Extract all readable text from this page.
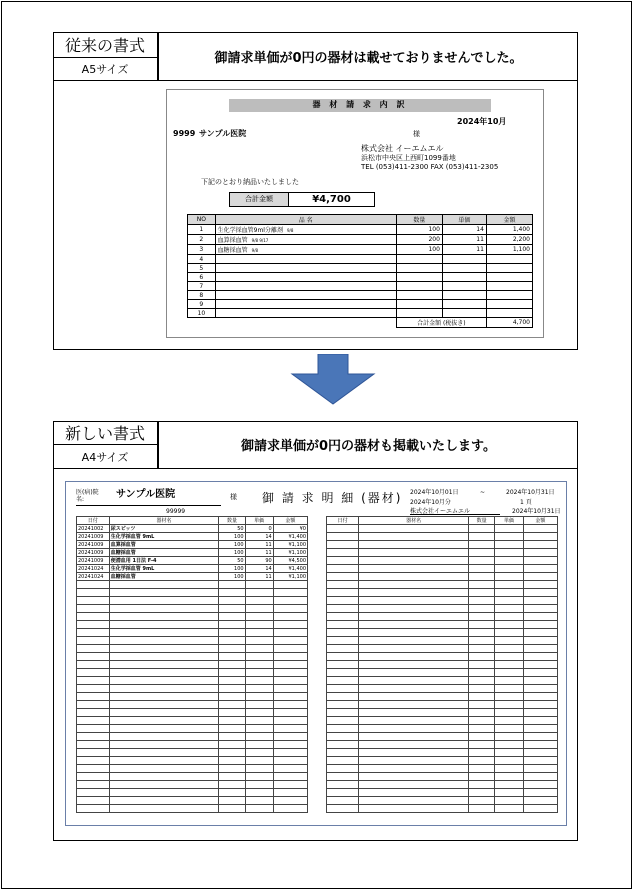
従来の書式
A5サイズ
御請求単価が0円の器材は載せておりませんでした。
器 材 請 求 内 訳
2024年10月
9999 サンプル医院	様
株式会社 イーエムエル
浜松市中央区上西町1099番地
TEL (053)411-2300 FAX (053)411-2305
下記のとおり納品いたしました
合計金額	¥4,700
NO	品 名	数量	単価	金額
1	生化学採血管9ml分離剤 9/8	100	14	1,400
2	血算採血管 9/8 9/17	200	11	2,200
3	血糖採血管 9/8	100	11	1,100
4				
5				
6				
7				
8				
9				
10				
		合計金額 (税抜き)		4,700
新しい書式
A4サイズ
御請求単価が0円の器材も掲載いたします。
医(病)院名:	サンプル医院	様 御 請 求 明 細 (器材)
99999
2024年10月01日	~	2024年10月31日
2024年10月分	1 頁
株式会社イーエムエル	2024年10月31日
日付	器材名	数量	単価	金額
20241002	尿スピッツ	50	0	¥0
20241009	生化学採血管 9mL	100	14	¥1,400
20241009	血算採血管	100	11	¥1,100
20241009	血糖採血管	100	11	¥1,100
20241009	便潜血用 1日法 F-4	50	90	¥4,500
20241024	生化学採血管 9mL	100	14	¥1,400
20241024	血糖採血管	100	11	¥1,100

日付	器材名	数量	単価	金額
